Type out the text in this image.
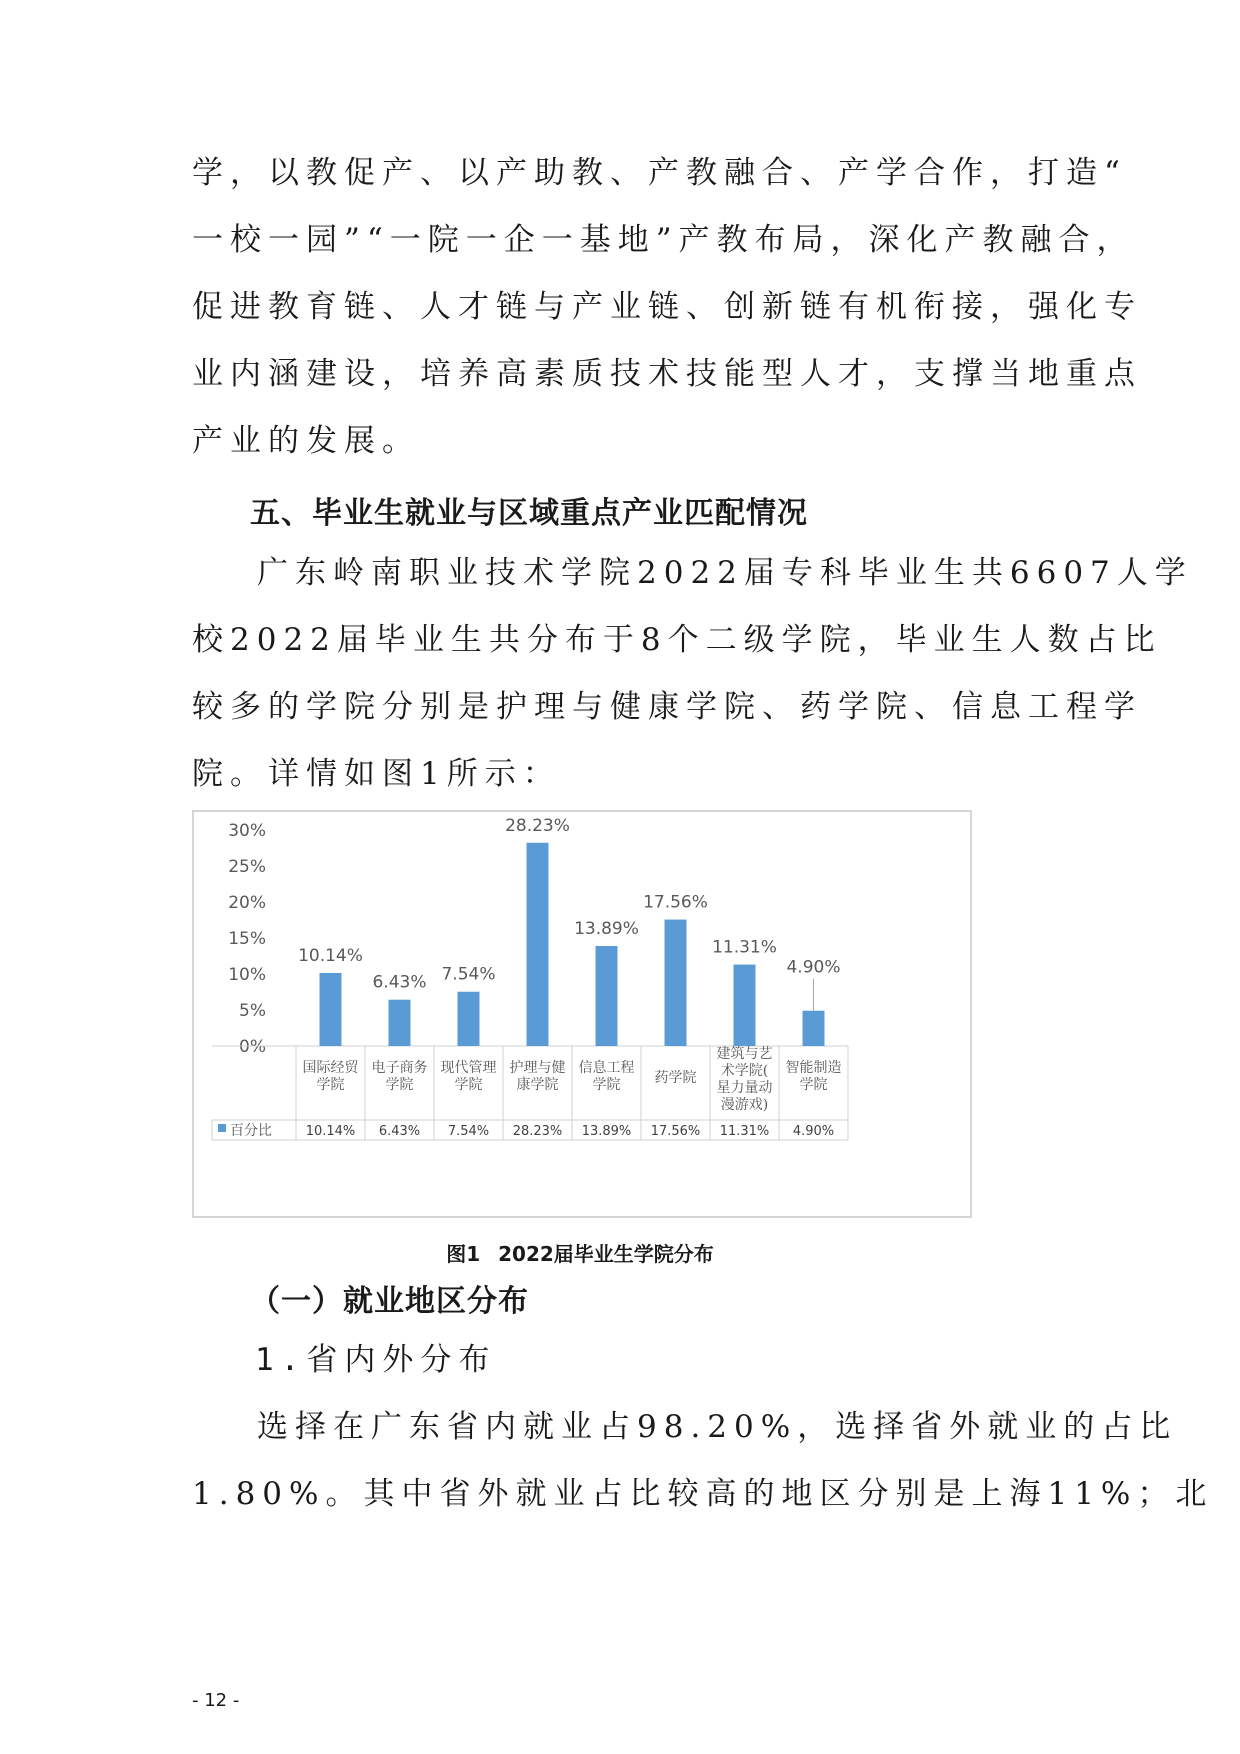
学，以教促产、以产助教、产教融合、产学合作，打造“
一校一园”“一院一企一基地”产教布局，深化产教融合，
促进教育链、人才链与产业链、创新链有机衔接，强化专
业内涵建设，培养高素质技术技能型人才，支撑当地重点
产业的发展。
五、毕业生就业与区域重点产业匹配情况
广东岭南职业技术学院2022届专科毕业生共6607人学
校2022届毕业生共分布于8个二级学院，毕业生人数占比
较多的学院分别是护理与健康学院、药学院、信息工程学
院。详情如图1所示：
0%
5%
10%
15%
20%
25%
30%
10.14%
国际经贸
学院
10.14%
6.43%
电子商务
学院
6.43%
7.54%
现代管理
学院
7.54%
28.23%
护理与健
康学院
28.23%
13.89%
信息工程
学院
13.89%
17.56%
药学院
17.56%
11.31%
建筑与艺
术学院(
星力量动
漫游戏)
11.31%
4.90%
智能制造
学院
4.90%
百分比
图1 2022届毕业生学院分布
（一）就业地区分布
1.省内外分布
选择在广东省内就业占98.20%，选择省外就业的占比
1.80%。其中省外就业占比较高的地区分别是上海11%；北
- 12 -
